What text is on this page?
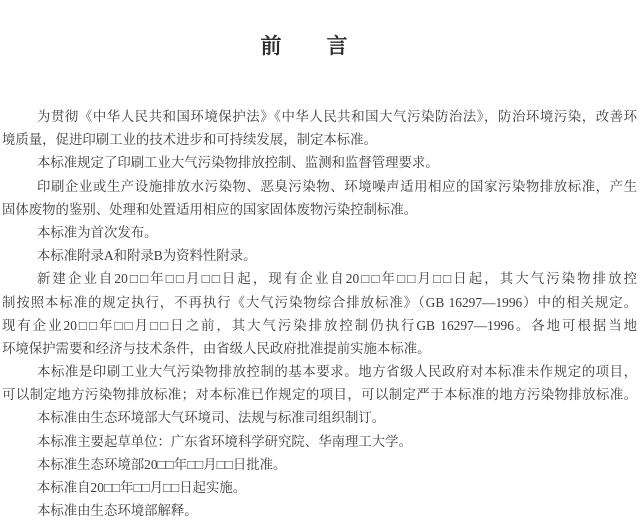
前　　言
为贯彻《中华人民共和国环境保护法》《中华人民共和国大气污染防治法》，防治环境污染，改善环
境质量，促进印刷工业的技术进步和可持续发展，制定本标准。
本标准规定了印刷工业大气污染物排放控制、监测和监督管理要求。
印刷企业或生产设施排放水污染物、恶臭污染物、环境噪声适用相应的国家污染物排放标准，产生
固体废物的鉴别、处理和处置适用相应的国家固体废物污染控制标准。
本标准为首次发布。
本标准附录A和附录B为资料性附录。
新建企业自20□□年□□月□□日起，现有企业自20□□年□□月□□日起，其大气污染物排放控
制按照本标准的规定执行，不再执行《大气污染物综合排放标准》（GB 16297—1996）中的相关规定。
现有企业20□□年□□月□□日之前，其大气污染排放控制仍执行GB 16297—1996。各地可根据当地
环境保护需要和经济与技术条件，由省级人民政府批准提前实施本标准。
本标准是印刷工业大气污染物排放控制的基本要求。地方省级人民政府对本标准未作规定的项目，
可以制定地方污染物排放标准；对本标准已作规定的项目，可以制定严于本标准的地方污染物排放标准。
本标准由生态环境部大气环境司、法规与标准司组织制订。
本标准主要起草单位：广东省环境科学研究院、华南理工大学。
本标准生态环境部20□□年□□月□□日批准。
本标准自20□□年□□月□□日起实施。
本标准由生态环境部解释。
